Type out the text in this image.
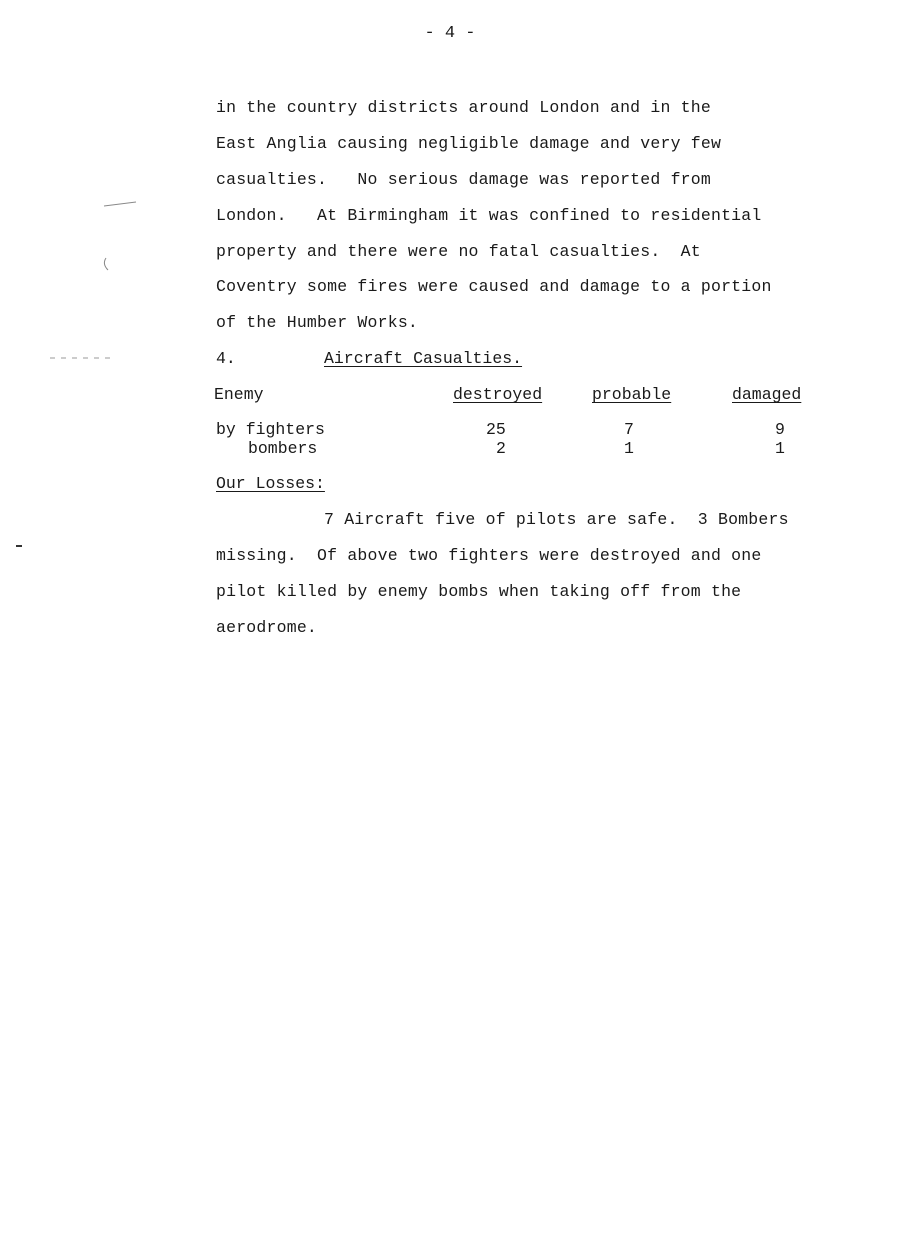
- 4 -
in the country districts around London and in the
East Anglia causing negligible damage and very few
casualties.   No serious damage was reported from
London.   At Birmingham it was confined to residential
property and there were no fatal casualties.  At
Coventry some fires were caused and damage to a portion
of the Humber Works.
4.	Aircraft Casualties.
Enemy	destroyed	probable	damaged
by fighters	25	7	9
bombers	2	1	1
Our Losses:
7 Aircraft five of pilots are safe.  3 Bombers
missing.  Of above two fighters were destroyed and one
pilot killed by enemy bombs when taking off from the
aerodrome.
